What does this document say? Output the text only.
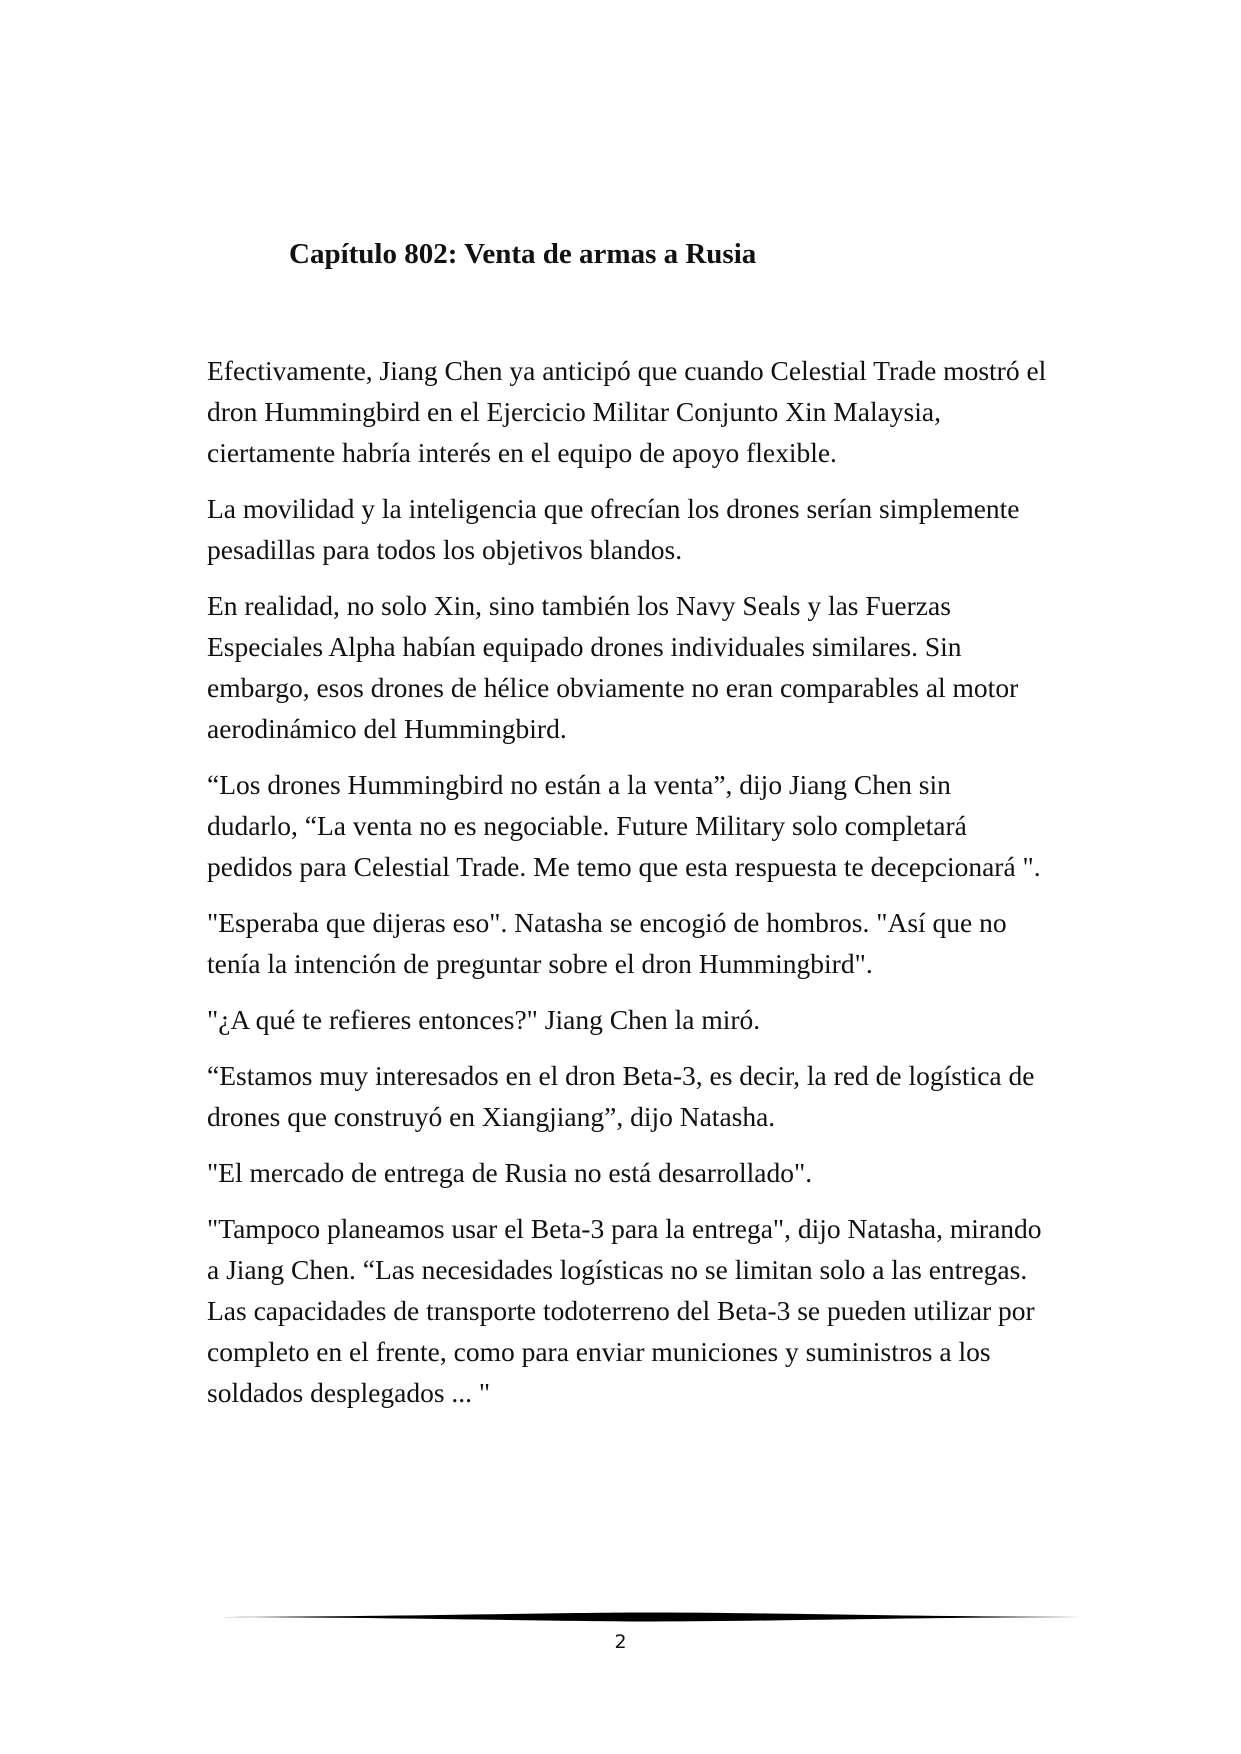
Capítulo 802: Venta de armas a Rusia

Efectivamente, Jiang Chen ya anticipó que cuando Celestial Trade mostró el dron Hummingbird en el Ejercicio Militar Conjunto Xin Malaysia, ciertamente habría interés en el equipo de apoyo flexible.

La movilidad y la inteligencia que ofrecían los drones serían simplemente pesadillas para todos los objetivos blandos.

En realidad, no solo Xin, sino también los Navy Seals y las Fuerzas Especiales Alpha habían equipado drones individuales similares. Sin embargo, esos drones de hélice obviamente no eran comparables al motor aerodinámico del Hummingbird.

“Los drones Hummingbird no están a la venta”, dijo Jiang Chen sin dudarlo, “La venta no es negociable. Future Military solo completará pedidos para Celestial Trade. Me temo que esta respuesta te decepcionará ".

"Esperaba que dijeras eso". Natasha se encogió de hombros. "Así que no tenía la intención de preguntar sobre el dron Hummingbird".

"¿A qué te refieres entonces?" Jiang Chen la miró.

“Estamos muy interesados en el dron Beta-3, es decir, la red de logística de drones que construyó en Xiangjiang”, dijo Natasha.

"El mercado de entrega de Rusia no está desarrollado".

"Tampoco planeamos usar el Beta-3 para la entrega", dijo Natasha, mirando a Jiang Chen. “Las necesidades logísticas no se limitan solo a las entregas. Las capacidades de transporte todoterreno del Beta-3 se pueden utilizar por completo en el frente, como para enviar municiones y suministros a los soldados desplegados ... "

2
